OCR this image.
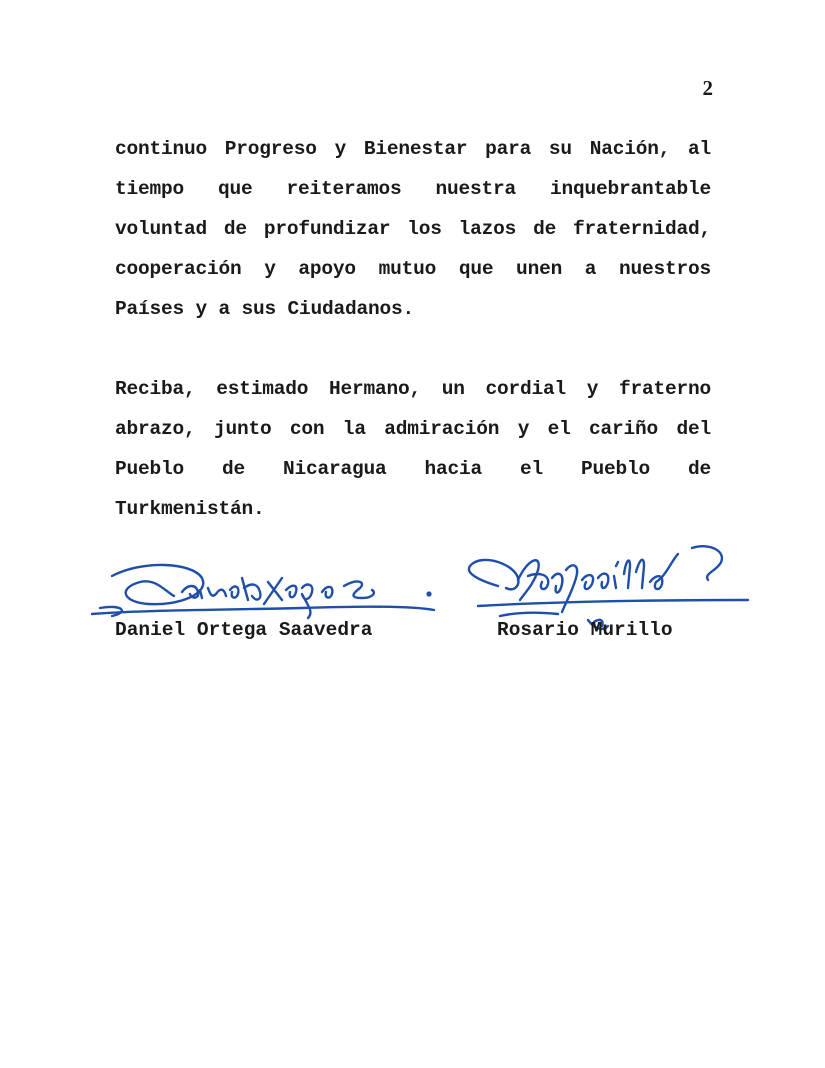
2

continuo Progreso y Bienestar para su Nación, al tiempo que reiteramos nuestra inquebrantable voluntad de profundizar los lazos de fraternidad, cooperación y apoyo mutuo que unen a nuestros Países y a sus Ciudadanos.

Reciba, estimado Hermano, un cordial y fraterno abrazo, junto con la admiración y el cariño del Pueblo de Nicaragua hacia el Pueblo de Turkmenistán.

Daniel Ortega Saavedra	Rosario Murillo
